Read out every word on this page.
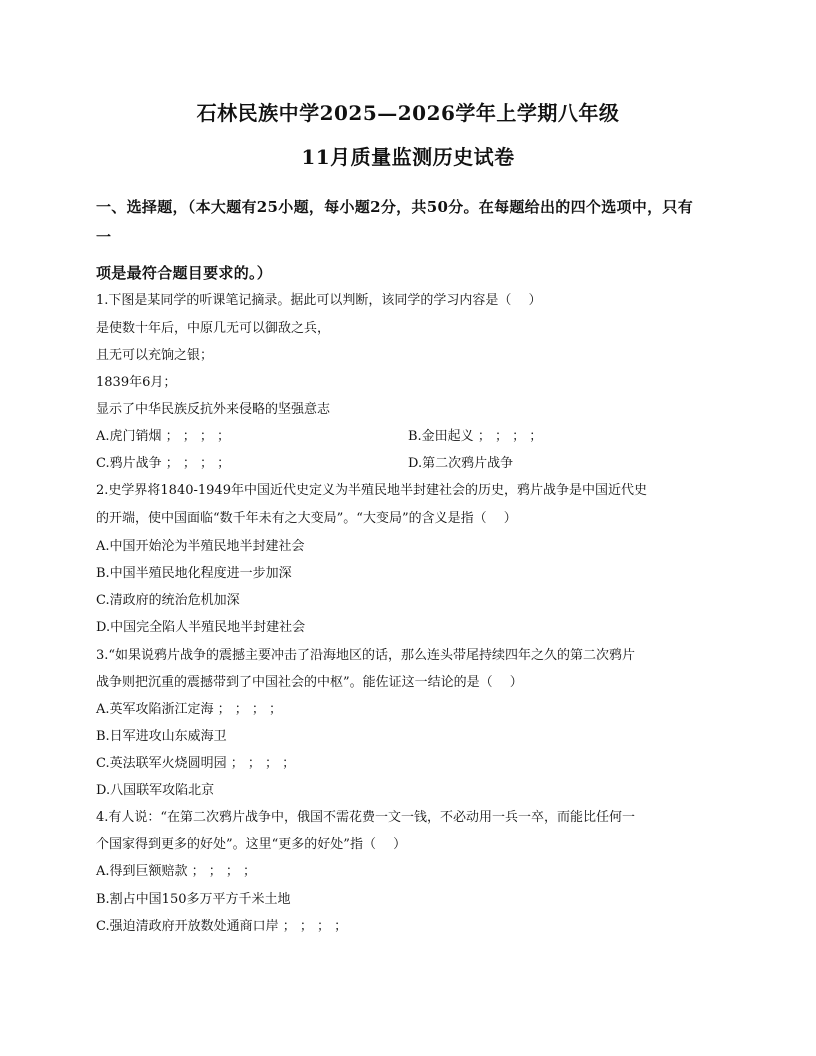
石林民族中学2025—2026学年上学期八年级
11月质量监测历史试卷
一、选择题，（本大题有25小题，每小题2分，共50分。在每题给出的四个选项中，只有
一
项是最符合题目要求的。）
1.下图是某同学的听课笔记摘录。据此可以判断，该同学的学习内容是（　 ）
是使数十年后，中原几无可以御敌之兵，
且无可以充饷之银；
1839年6月；
显示了中华民族反抗外来侵略的坚强意志
A.虎门销烟 ； ； ； ；	B.金田起义 ； ； ； ；
C.鸦片战争 ； ； ； ；	D.第二次鸦片战争
2.史学界将1840-1949年中国近代史定义为半殖民地半封建社会的历史，鸦片战争是中国近代史
的开端，使中国面临“数千年未有之大变局”。“大变局”的含义是指（　 ）
A.中国开始沦为半殖民地半封建社会
B.中国半殖民地化程度进一步加深
C.清政府的统治危机加深
D.中国完全陷人半殖民地半封建社会
3.“如果说鸦片战争的震撼主要冲击了沿海地区的话，那么连头带尾持续四年之久的第二次鸦片
战争则把沉重的震撼带到了中国社会的中枢”。能佐证这一结论的是（　 ）
A.英军攻陷浙江定海 ； ； ； ；
B.日军进攻山东威海卫
C.英法联军火烧圆明园 ； ； ； ；
D.八国联军攻陷北京
4.有人说：“在第二次鸦片战争中，俄国不需花费一文一钱，不必动用一兵一卒，而能比任何一
个国家得到更多的好处”。这里“更多的好处”指（　 ）
A.得到巨额赔款 ； ； ； ；
B.割占中国150多万平方千米土地
C.强迫清政府开放数处通商口岸 ； ； ； ；
